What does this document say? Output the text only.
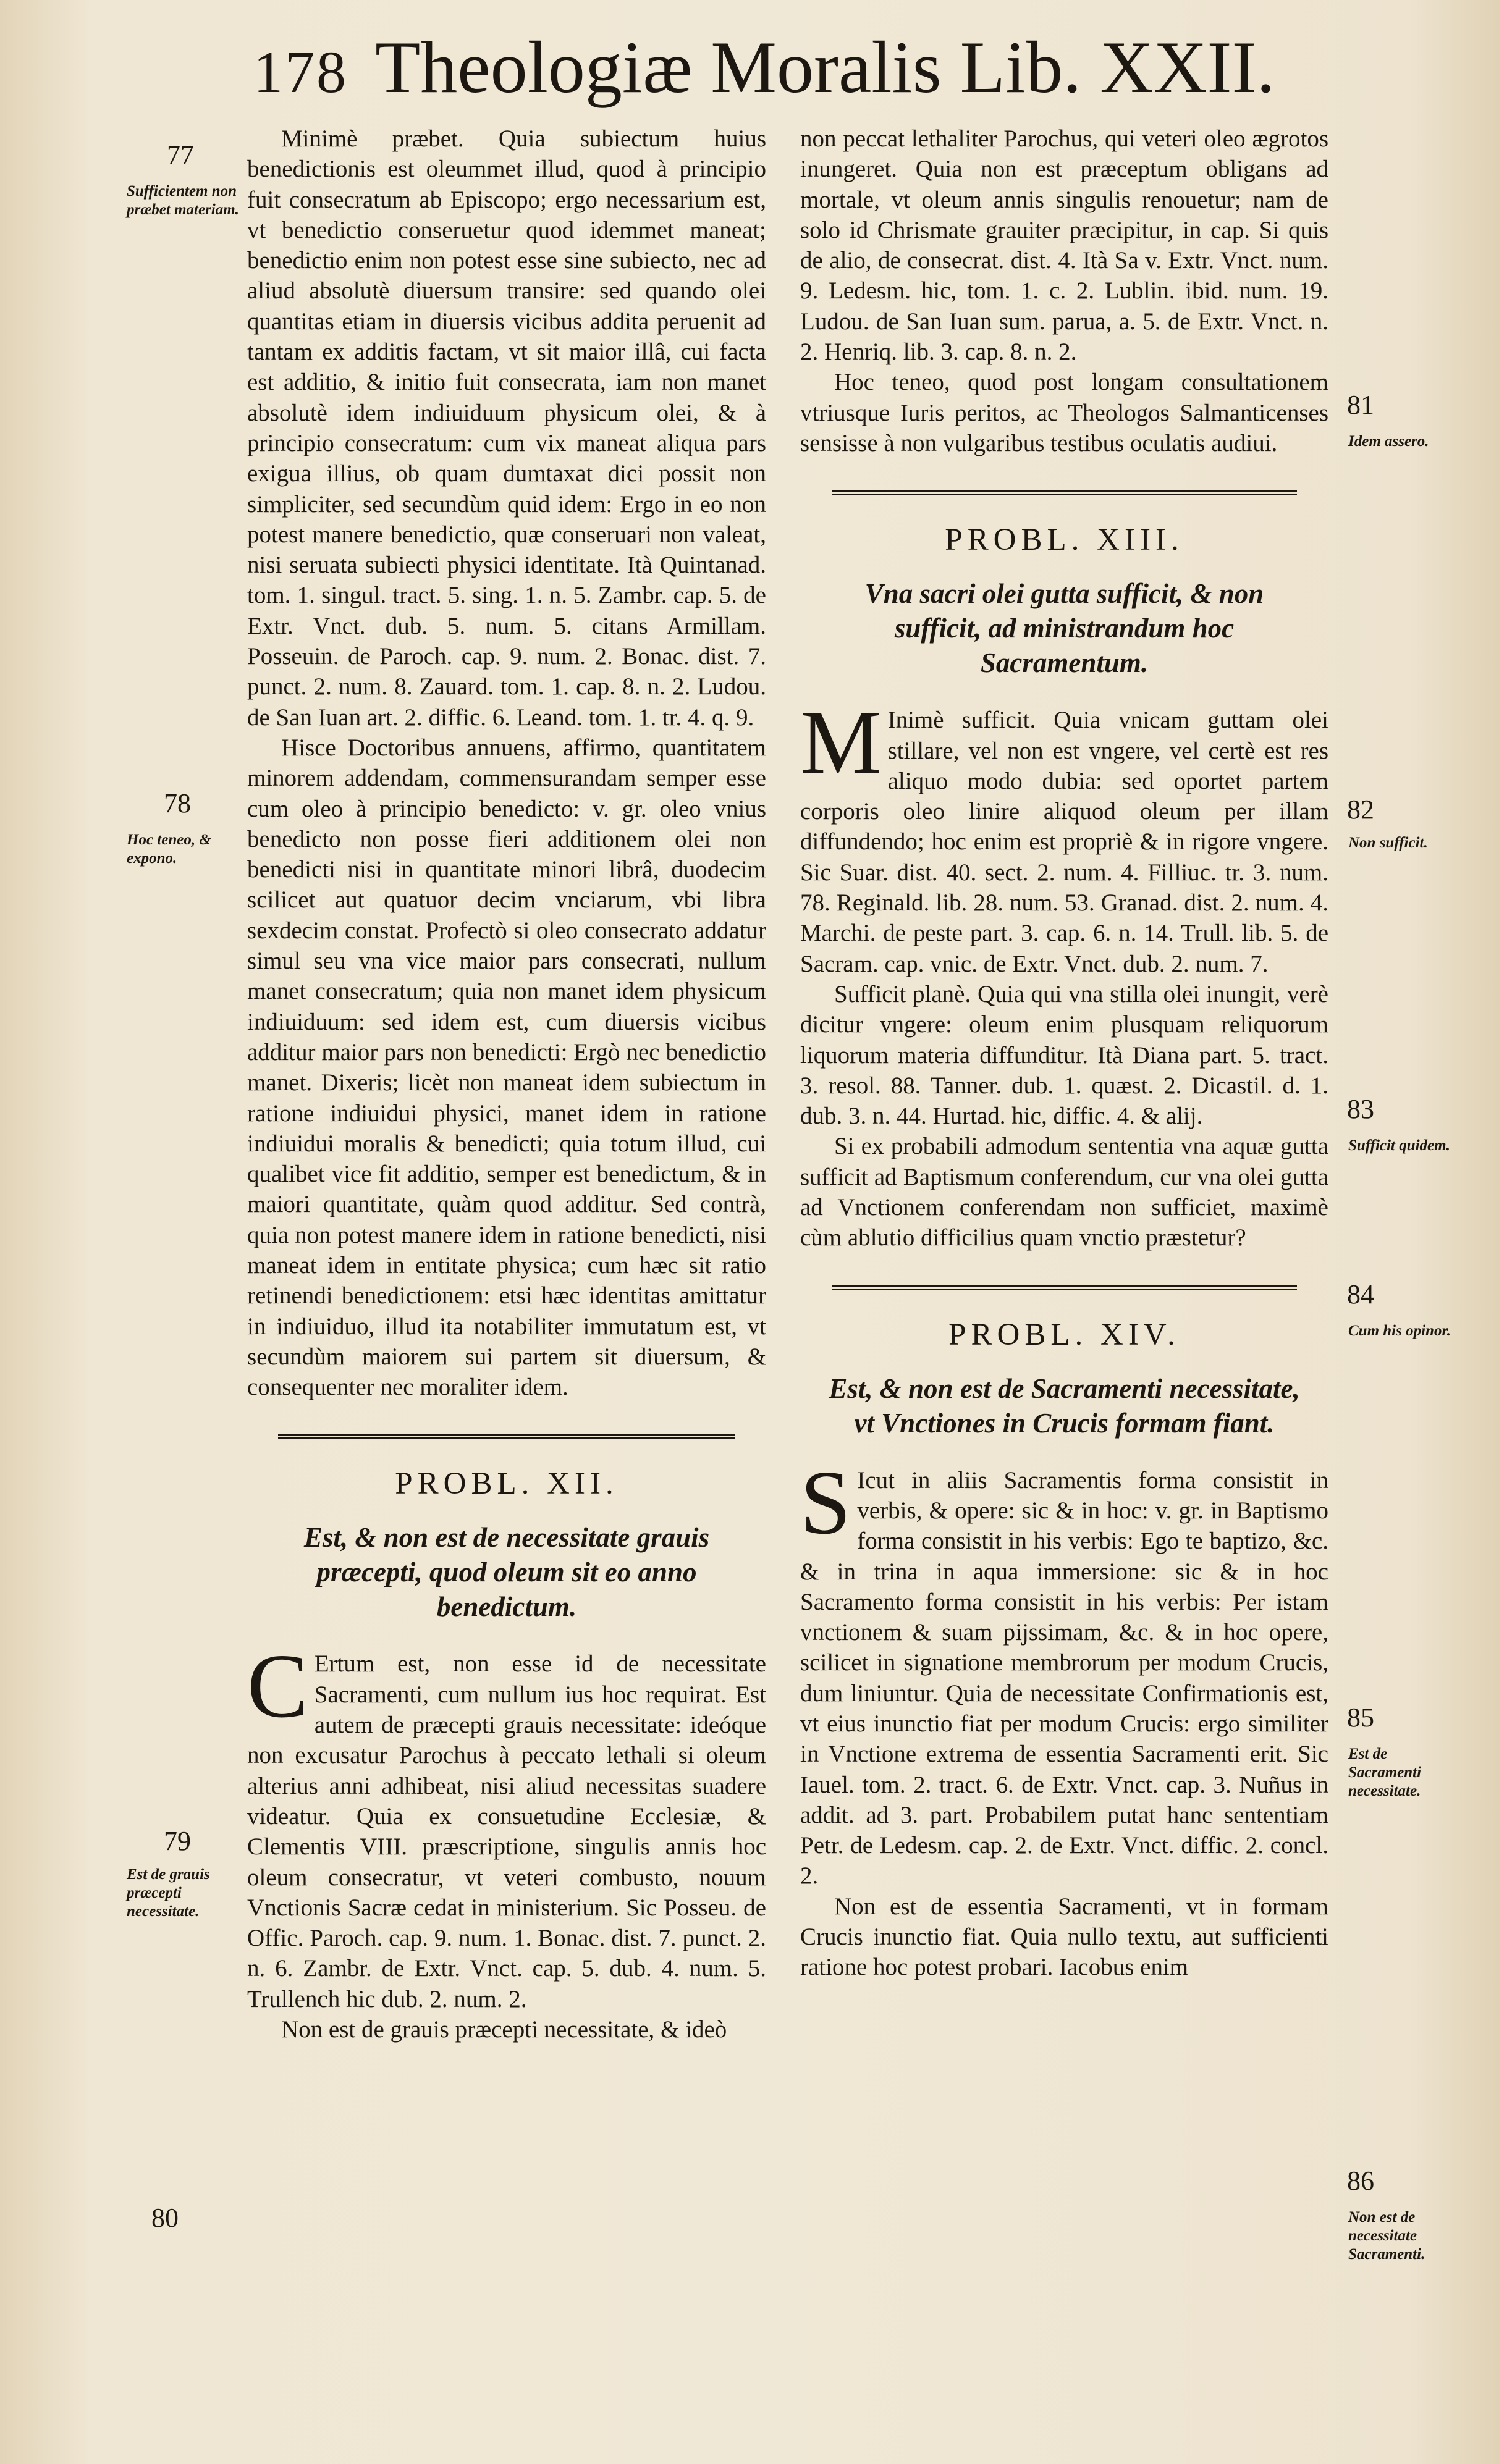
178 Theologiæ Moralis Lib. XXII.

Minimè præbet. Quia subiectum huius benedictionis est oleummet illud, quod à principio fuit consecratum ab Episcopo; ergo necessarium est, vt benedictio conseruetur quod idemmet maneat; benedictio enim non potest esse sine subiecto, nec ad aliud absolutè diuersum transire: sed quando olei quantitas etiam in diuersis vicibus addita peruenit ad tantam ex additis factam, vt sit maior illâ, cui facta est additio, & initio fuit consecrata, iam non manet absolutè idem indiuiduum physicum olei, & à principio consecratum: cum vix maneat aliqua pars exigua illius, ob quam dumtaxat dici possit non simpliciter, sed secundùm quid idem: Ergo in eo non potest manere benedictio, quæ conseruari non valeat, nisi seruata subiecti physici identitate. Ità Quintanad. tom. 1. singul. tract. 5. sing. 1. n. 5. Zambr. cap. 5. de Extr. Vnct. dub. 5. num. 5. citans Armillam. Posseuin. de Paroch. cap. 9. num. 2. Bonac. dist. 7. punct. 2. num. 8. Zauard. tom. 1. cap. 8. n. 2. Ludou. de San Iuan art. 2. diffic. 6. Leand. tom. 1. tr. 4. q. 9.

Hisce Doctoribus annuens, affirmo, quantitatem minorem addendam, commensurandam semper esse cum oleo à principio benedicto: v. gr. oleo vnius benedicto non posse fieri additionem olei non benedicti nisi in quantitate minori librâ, duodecim scilicet aut quatuor decim vnciarum, vbi libra sexdecim constat. Profectò si oleo consecrato addatur simul seu vna vice maior pars consecrati, nullum manet consecratum; quia non manet idem physicum indiuiduum: sed idem est, cum diuersis vicibus additur maior pars non benedicti: Ergò nec benedictio manet. Dixeris; licèt non maneat idem subiectum in ratione indiuidui physici, manet idem in ratione indiuidui moralis & benedicti; quia totum illud, cui qualibet vice fit additio, semper est benedictum, & in maiori quantitate, quàm quod additur. Sed contrà, quia non potest manere idem in ratione benedicti, nisi maneat idem in entitate physica; cum hæc sit ratio retinendi benedictionem: etsi hæc identitas amittatur in indiuiduo, illud ita notabiliter immutatum est, vt secundùm maiorem sui partem sit diuersum, & consequenter nec moraliter idem.

PROBL. XII.

Est, & non est de necessitate grauis præcepti, quod oleum sit eo anno benedictum.

C Ertum est, non esse id de necessitate Sacramenti, cum nullum ius hoc requirat. Est autem de præcepti grauis necessitate: ideóque non excusatur Parochus à peccato lethali si oleum alterius anni adhibeat, nisi aliud necessitas suadere videatur. Quia ex consuetudine Ecclesiæ, & Clementis VIII. præscriptione, singulis annis hoc oleum consecratur, vt veteri combusto, nouum Vnctionis Sacræ cedat in ministerium. Sic Posseu. de Offic. Paroch. cap. 9. num. 1. Bonac. dist. 7. punct. 2. n. 6. Zambr. de Extr. Vnct. cap. 5. dub. 4. num. 5. Trullench hic dub. 2. num. 2.

Non est de grauis præcepti necessitate, & ideò

non peccat lethaliter Parochus, qui veteri oleo ægrotos inungeret. Quia non est præceptum obligans ad mortale, vt oleum annis singulis renouetur; nam de solo id Chrismate grauiter præcipitur, in cap. Si quis de alio, de consecrat. dist. 4. Ità Sa v. Extr. Vnct. num. 9. Ledesm. hic, tom. 1. c. 2. Lublin. ibid. num. 19. Ludou. de San Iuan sum. parua, a. 5. de Extr. Vnct. n. 2. Henriq. lib. 3. cap. 8. n. 2.

Hoc teneo, quod post longam consultationem vtriusque Iuris peritos, ac Theologos Salmanticenses sensisse à non vulgaribus testibus oculatis audiui.

PROBL. XIII.

Vna sacri olei gutta sufficit, & non sufficit, ad ministrandum hoc Sacramentum.

M Inimè sufficit. Quia vnicam guttam olei stillare, vel non est vngere, vel certè est res aliquo modo dubia: sed oportet partem corporis oleo linire aliquod oleum per illam diffundendo; hoc enim est propriè & in rigore vngere. Sic Suar. dist. 40. sect. 2. num. 4. Filliuc. tr. 3. num. 78. Reginald. lib. 28. num. 53. Granad. dist. 2. num. 4. Marchi. de peste part. 3. cap. 6. n. 14. Trull. lib. 5. de Sacram. cap. vnic. de Extr. Vnct. dub. 2. num. 7.

Sufficit planè. Quia qui vna stilla olei inungit, verè dicitur vngere: oleum enim plusquam reliquorum liquorum materia diffunditur. Ità Diana part. 5. tract. 3. resol. 88. Tanner. dub. 1. quæst. 2. Dicastil. d. 1. dub. 3. n. 44. Hurtad. hic, diffic. 4. & alij.

Si ex probabili admodum sententia vna aquæ gutta sufficit ad Baptismum conferendum, cur vna olei gutta ad Vnctionem conferendam non sufficiet, maximè cùm ablutio difficilius quam vnctio præstetur?

PROBL. XIV.

Est, & non est de Sacramenti necessitate, vt Vnctiones in Crucis formam fiant.

S Icut in aliis Sacramentis forma consistit in verbis, & opere: sic & in hoc: v. gr. in Baptismo forma consistit in his verbis: Ego te baptizo, &c. & in trina in aqua immersione: sic & in hoc Sacramento forma consistit in his verbis: Per istam vnctionem & suam pijssimam, &c. & in hoc opere, scilicet in signatione membrorum per modum Crucis, dum liniuntur. Quia de necessitate Confirmationis est, vt eius inunctio fiat per modum Crucis: ergo similiter in Vnctione extrema de essentia Sacramenti erit. Sic Iauel. tom. 2. tract. 6. de Extr. Vnct. cap. 3. Nuñus in addit. ad 3. part. Probabilem putat hanc sententiam Petr. de Ledesm. cap. 2. de Extr. Vnct. diffic. 2. concl. 2.

Non est de essentia Sacramenti, vt in formam Crucis inunctio fiat. Quia nullo textu, aut sufficienti ratione hoc potest probari. Iacobus enim

77
Sufficientem non præbet materiam.
78
Hoc teneo, & expono.
79
Est de grauis præcepti necessitate.
80
81
Idem assero.
82
Non sufficit.
83
Sufficit quidem.
84
Cum his opinor.
85
Est de Sacramenti necessitate.
86
Non est de necessitate Sacramenti.
